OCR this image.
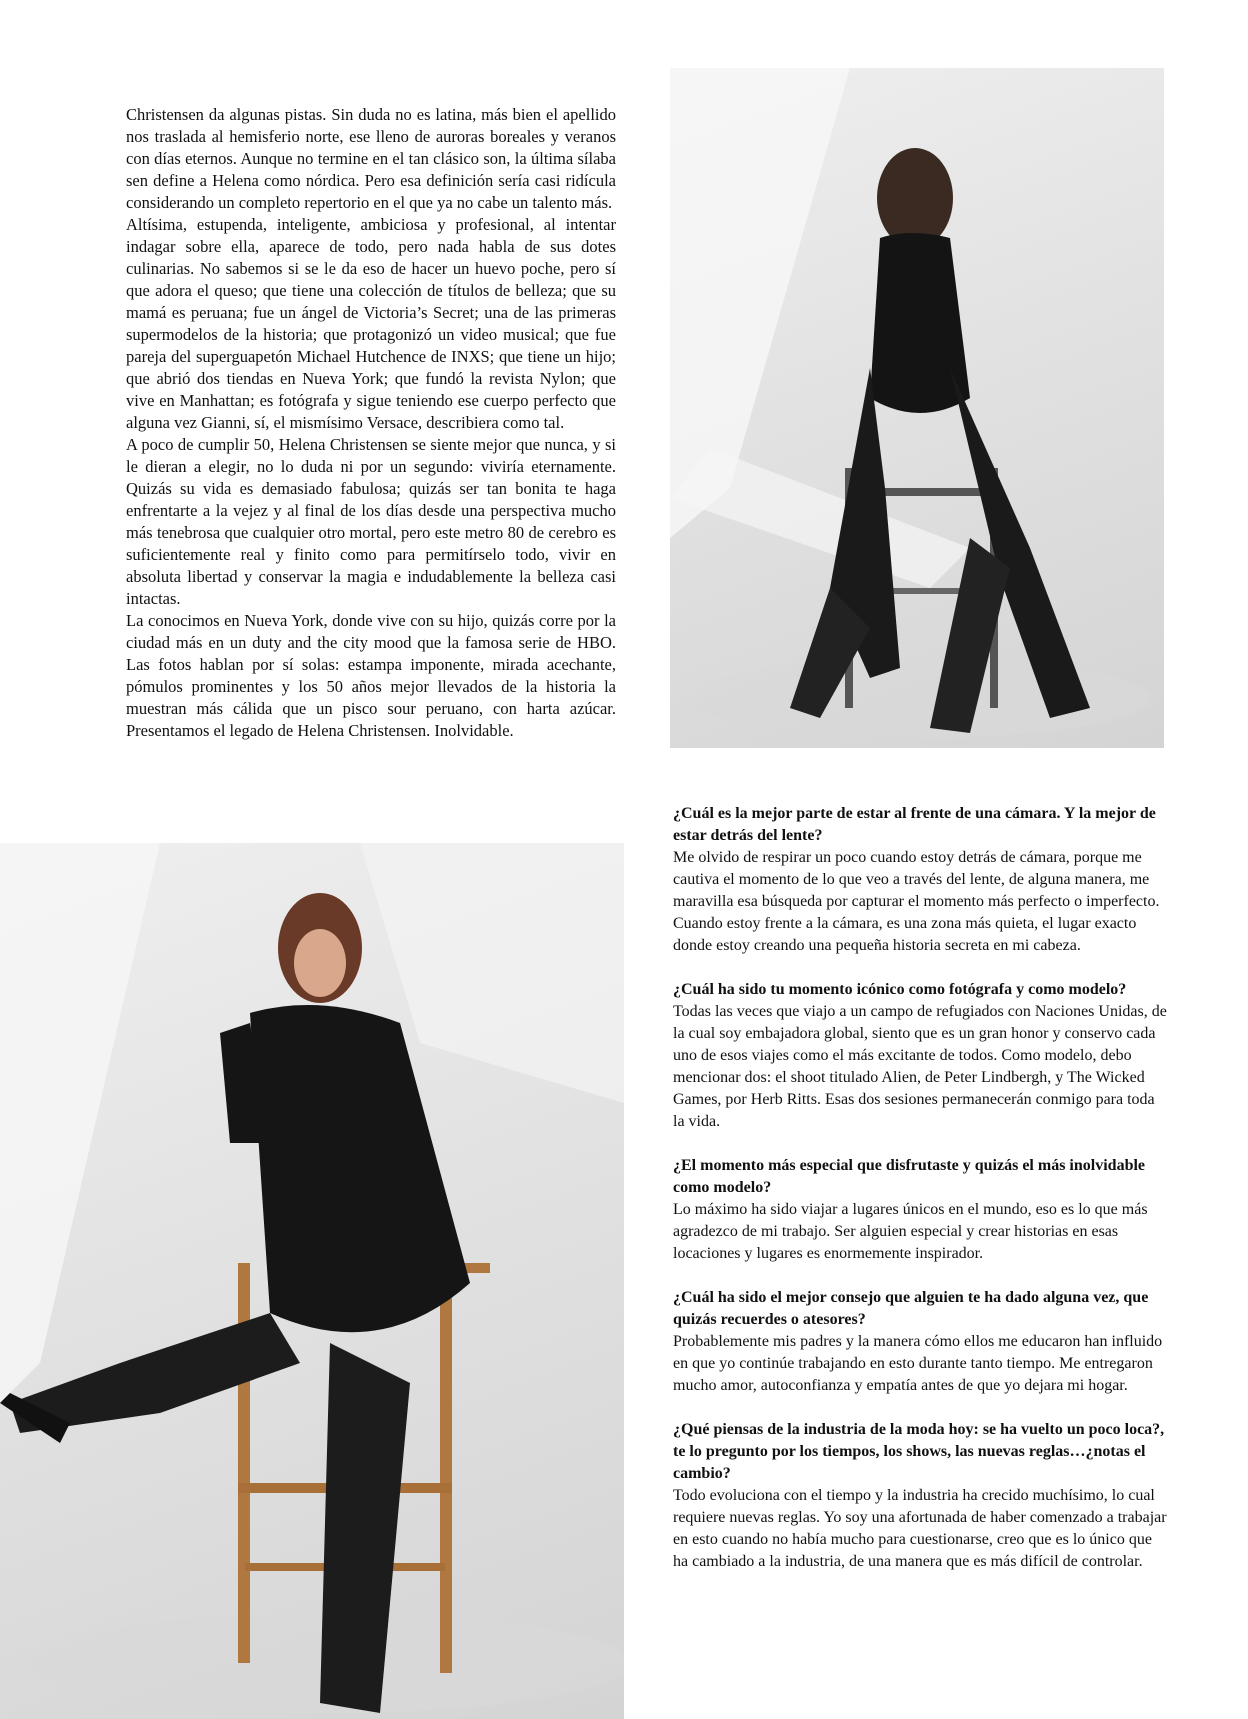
Christensen da algunas pistas. Sin duda no es latina, más bien el apellido nos traslada al hemisferio norte, ese lleno de auroras boreales y veranos con días eternos. Aunque no termine en el tan clásico son, la última sílaba sen define a Helena como nórdica. Pero esa definición sería casi ridícula considerando un completo repertorio en el que ya no cabe un talento más.

Altísima, estupenda, inteligente, ambiciosa y profesional, al intentar indagar sobre ella, aparece de todo, pero nada habla de sus dotes culinarias. No sabemos si se le da eso de hacer un huevo poche, pero sí que adora el queso; que tiene una colección de títulos de belleza; que su mamá es peruana; fue un ángel de Victoria’s Secret; una de las primeras supermodelos de la historia; que protagonizó un video musical; que fue pareja del superguapetón Michael Hutchence de INXS; que tiene un hijo; que abrió dos tiendas en Nueva York; que fundó la revista Nylon; que vive en Manhattan; es fotógrafa y sigue teniendo ese cuerpo perfecto que alguna vez Gianni, sí, el mismísimo Versace, describiera como tal.

A poco de cumplir 50, Helena Christensen se siente mejor que nunca, y si le dieran a elegir, no lo duda ni por un segundo: viviría eternamente. Quizás su vida es demasiado fabulosa; quizás ser tan bonita te haga enfrentarte a la vejez y al final de los días desde una perspectiva mucho más tenebrosa que cualquier otro mortal, pero este metro 80 de cerebro es suficientemente real y finito como para permitírselo todo, vivir en absoluta libertad y conservar la magia e indudablemente la belleza casi intactas.

La conocimos en Nueva York, donde vive con su hijo, quizás corre por la ciudad más en un duty and the city mood que la famosa serie de HBO. Las fotos hablan por sí solas: estampa imponente, mirada acechante, pómulos prominentes y los 50 años mejor llevados de la historia la muestran más cálida que un pisco sour peruano, con harta azúcar. Presentamos el legado de Helena Christensen. Inolvidable.

¿Cuál es la mejor parte de estar al frente de una cámara. Y la mejor de estar detrás del lente?

Me olvido de respirar un poco cuando estoy detrás de cámara, porque me cautiva el momento de lo que veo a través del lente, de alguna manera, me maravilla esa búsqueda por capturar el momento más perfecto o imperfecto. Cuando estoy frente a la cámara, es una zona más quieta, el lugar exacto donde estoy creando una pequeña historia secreta en mi cabeza.

¿Cuál ha sido tu momento icónico como fotógrafa y como modelo?

Todas las veces que viajo a un campo de refugiados con Naciones Unidas, de la cual soy embajadora global, siento que es un gran honor y conservo cada uno de esos viajes como el más excitante de todos. Como modelo, debo mencionar dos: el shoot titulado Alien, de Peter Lindbergh, y The Wicked Games, por Herb Ritts. Esas dos sesiones permanecerán conmigo para toda la vida.

¿El momento más especial que disfrutaste y quizás el más inolvidable como modelo?

Lo máximo ha sido viajar a lugares únicos en el mundo, eso es lo que más agradezco de mi trabajo. Ser alguien especial y crear historias en esas locaciones y lugares es enormemente inspirador.

¿Cuál ha sido el mejor consejo que alguien te ha dado alguna vez, que quizás recuerdes o atesores?

Probablemente mis padres y la manera cómo ellos me educaron han influido en que yo continúe trabajando en esto durante tanto tiempo. Me entregaron mucho amor, autoconfianza y empatía antes de que yo dejara mi hogar.

¿Qué piensas de la industria de la moda hoy: se ha vuelto un poco loca?, te lo pregunto por los tiempos, los shows, las nuevas reglas…¿notas el cambio?

Todo evoluciona con el tiempo y la industria ha crecido muchísimo, lo cual requiere nuevas reglas. Yo soy una afortunada de haber comenzado a trabajar en esto cuando no había mucho para cuestionarse, creo que es lo único que ha cambiado a la industria, de una manera que es más difícil de controlar.
